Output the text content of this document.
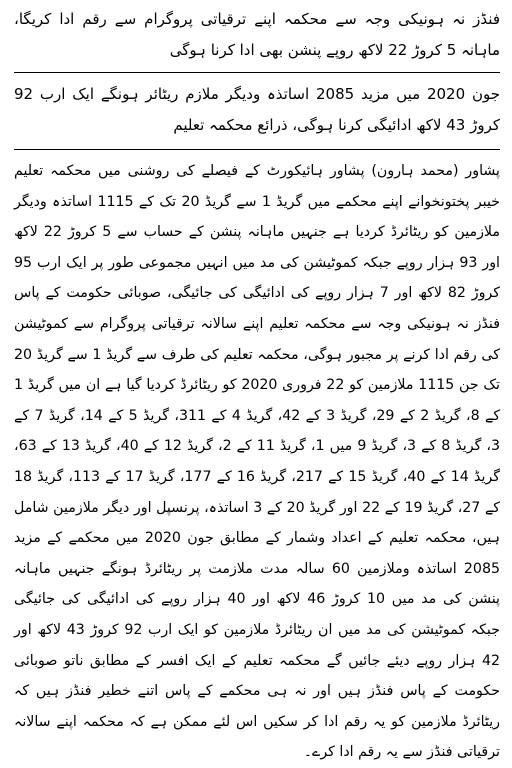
فنڈز نہ ہونیکی وجہ سے محکمہ اپنے ترقیاتی پروگرام سے رقم ادا کریگا، ماہانہ 5 کروڑ 22 لاکھ روپے پنشن بھی ادا کرنا ہوگی

جون 2020 میں مزید 2085 اساتذہ ودیگر ملازم ریٹائر ہونگے ایک ارب 92 کروڑ 43 لاکھ ادائیگی کرنا ہوگی، ذرائع محکمہ تعلیم

پشاور (محمد ہارون) پشاور ہائیکورٹ کے فیصلے کی روشنی میں محکمہ تعلیم خیبر پختونخوانے اپنے محکمے میں گریڈ 1 سے گریڈ 20 تک کے 1115 اساتذہ ودیگر ملازمین کو ریٹائرڈ کردیا ہے جنہیں ماہانہ پنشن کے حساب سے 5 کروڑ 22 لاکھ اور 93 ہزار روپے جبکہ کموٹیشن کی مد میں انہیں مجموعی طور پر ایک ارب 95 کروڑ 82 لاکھ اور 7 ہزار روپے کی ادائیگی کی جائیگی، صوبائی حکومت کے پاس فنڈز نہ ہونیکی وجہ سے محکمہ تعلیم اپنے سالانہ ترقیاتی پروگرام سے کموٹیشن کی رقم ادا کرنے پر مجبور ہوگی، محکمہ تعلیم کی طرف سے گریڈ 1 سے گریڈ 20 تک جن 1115 ملازمین کو 22 فروری 2020 کو ریٹائرڈ کردیا گیا ہے ان میں گریڈ 1 کے 8، گریڈ 2 کے 29، گریڈ 3 کے 42، گریڈ 4 کے 311، گریڈ 5 کے 14، گریڈ 7 کے 3، گریڈ 8 کے 3، گریڈ 9 میں 1، گریڈ 11 کے 2، گریڈ 12 کے 40، گریڈ 13 کے 63، گریڈ 14 کے 40، گریڈ 15 کے 217، گریڈ 16 کے 177، گریڈ 17 کے 113، گریڈ 18 کے 27، گریڈ 19 کے 22 اور گریڈ 20 کے 3 اساتذہ، پرنسپل اور دیگر ملازمین شامل ہیں، محکمہ تعلیم کے اعداد وشمار کے مطابق جون 2020 میں محکمے کے مزید 2085 اساتذہ وملازمین 60 سالہ مدت ملازمت پر ریٹائرڈ ہونگے جنہیں ماہانہ پنشن کی مد میں 10 کروڑ 46 لاکھ اور 40 ہزار روپے کی ادائیگی کی جائیگی جبکہ کموٹیشن کی مد میں ان ریٹائرڈ ملازمین کو ایک ارب 92 کروڑ 43 لاکھ اور 42 ہزار روپے دیئے جائیں گے محکمہ تعلیم کے ایک افسر کے مطابق ناتو صوبائی حکومت کے پاس فنڈز ہیں اور نہ ہی محکمے کے پاس اتنے خطیر فنڈز ہیں کہ ریٹائرڈ ملازمین کو یہ رقم ادا کر سکیں اس لئے ممکن ہے کہ محکمہ اپنے سالانہ ترقیاتی فنڈز سے یہ رقم ادا کرے۔
